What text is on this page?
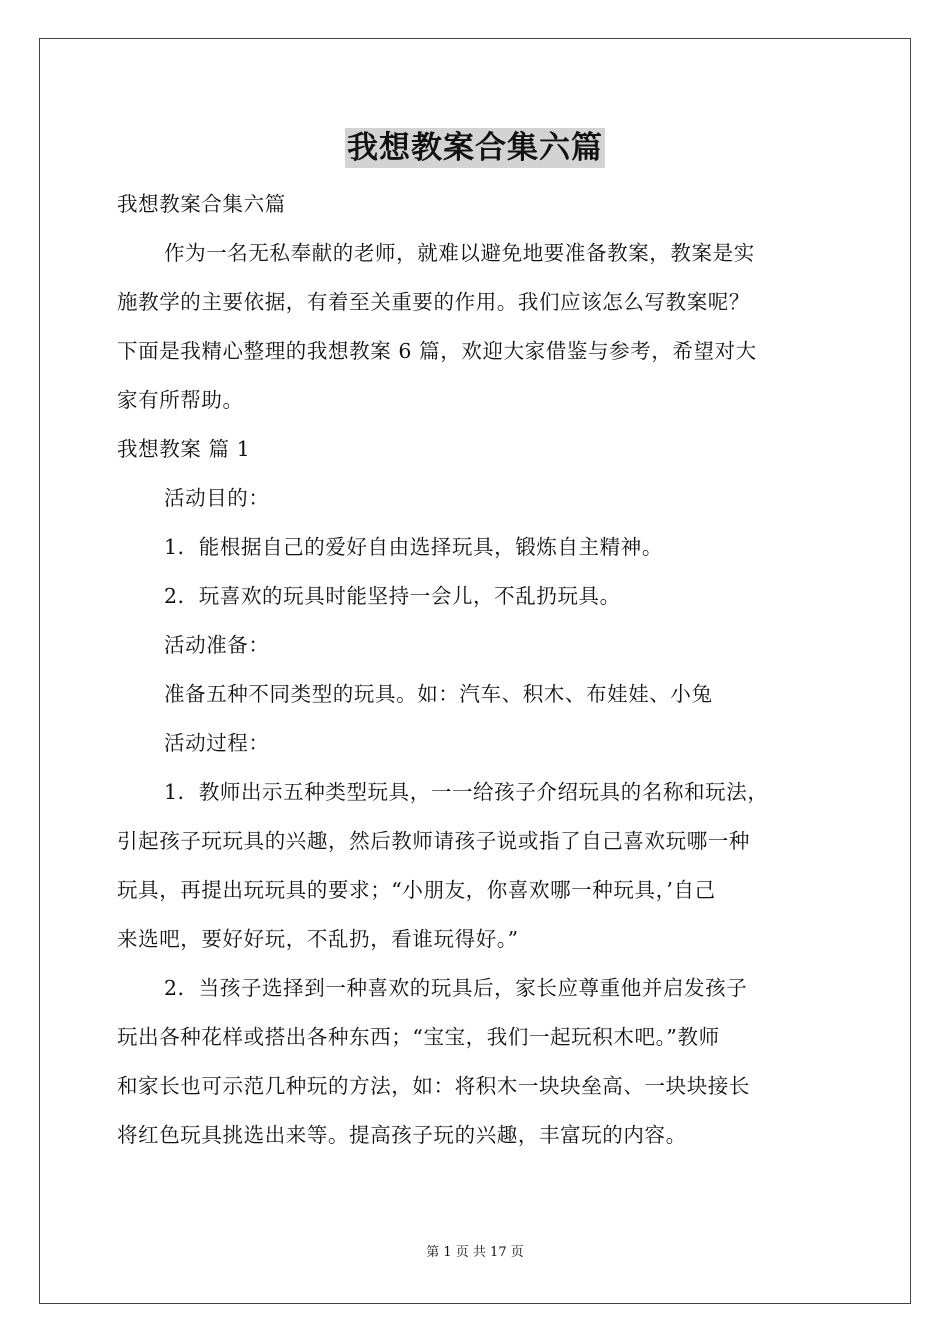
我想教案合集六篇
我想教案合集六篇
作为一名无私奉献的老师，就难以避免地要准备教案，教案是实
施教学的主要依据，有着至关重要的作用。我们应该怎么写教案呢？
下面是我精心整理的我想教案 6 篇，欢迎大家借鉴与参考，希望对大
家有所帮助。
我想教案 篇 1
活动目的：
1．能根据自己的爱好自由选择玩具，锻炼自主精神。
2．玩喜欢的玩具时能坚持一会儿，不乱扔玩具。
活动准备：
准备五种不同类型的玩具。如：汽车、积木、布娃娃、小兔
活动过程：
1．教师出示五种类型玩具，一一给孩子介绍玩具的名称和玩法，
引起孩子玩玩具的兴趣，然后教师请孩子说或指了自己喜欢玩哪一种
玩具，再提出玩玩具的要求；“小朋友，你喜欢哪一种玩具，’自己
来选吧，要好好玩，不乱扔，看谁玩得好。”
2．当孩子选择到一种喜欢的玩具后，家长应尊重他并启发孩子
玩出各种花样或搭出各种东西；“宝宝，我们一起玩积木吧。”教师
和家长也可示范几种玩的方法，如：将积木一块块垒高、一块块接长
将红色玩具挑选出来等。提高孩子玩的兴趣，丰富玩的内容。
第 1 页 共 17 页
